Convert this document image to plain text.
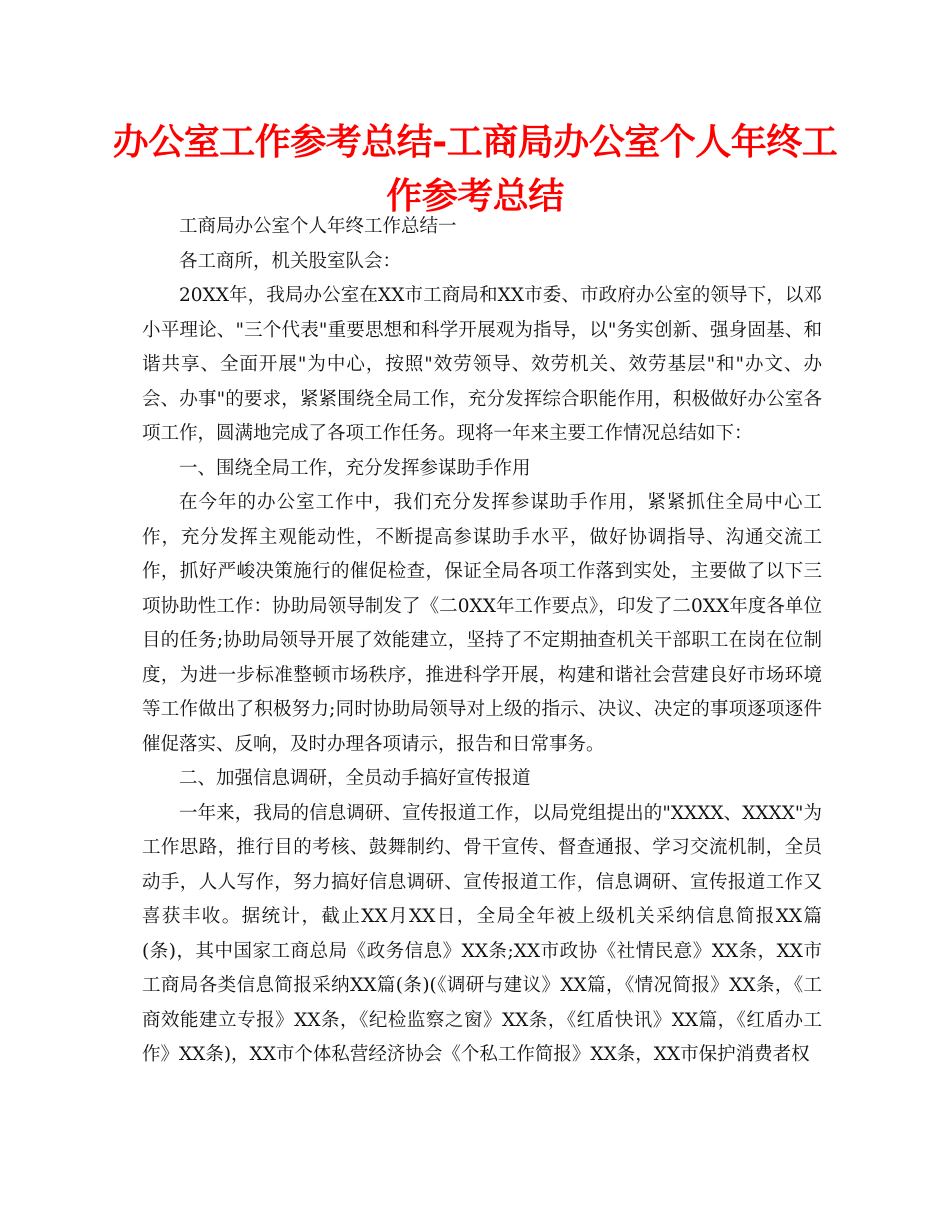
办公室工作参考总结-工商局办公室个人年终工作参考总结

工商局办公室个人年终工作总结一

各工商所，机关股室队会：

20XX年，我局办公室在XX市工商局和XX市委、市政府办公室的领导下，以邓小平理论、"三个代表"重要思想和科学开展观为指导，以"务实创新、强身固基、和谐共享、全面开展"为中心，按照"效劳领导、效劳机关、效劳基层"和"办文、办会、办事"的要求，紧紧围绕全局工作，充分发挥综合职能作用，积极做好办公室各项工作，圆满地完成了各项工作任务。现将一年来主要工作情况总结如下：

一、围绕全局工作，充分发挥参谋助手作用

在今年的办公室工作中，我们充分发挥参谋助手作用，紧紧抓住全局中心工作，充分发挥主观能动性，不断提高参谋助手水平，做好协调指导、沟通交流工作，抓好严峻决策施行的催促检查，保证全局各项工作落到实处，主要做了以下三项协助性工作：协助局领导制发了《二0XX年工作要点》，印发了二0XX年度各单位目的任务;协助局领导开展了效能建立，坚持了不定期抽查机关干部职工在岗在位制度，为进一步标准整顿市场秩序，推进科学开展，构建和谐社会营建良好市场环境等工作做出了积极努力;同时协助局领导对上级的指示、决议、决定的事项逐项逐件催促落实、反响，及时办理各项请示，报告和日常事务。

二、加强信息调研，全员动手搞好宣传报道

一年来，我局的信息调研、宣传报道工作，以局党组提出的"XXXX、XXXX"为工作思路，推行目的考核、鼓舞制约、骨干宣传、督查通报、学习交流机制，全员动手，人人写作，努力搞好信息调研、宣传报道工作，信息调研、宣传报道工作又喜获丰收。据统计，截止XX月XX日，全局全年被上级机关采纳信息简报XX篇(条)，其中国家工商总局《政务信息》XX条;XX市政协《社情民意》XX条，XX市工商局各类信息简报采纳XX篇(条)(《调研与建议》XX篇，《情况简报》XX条，《工商效能建立专报》XX条，《纪检监察之窗》XX条，《红盾快讯》XX篇，《红盾办工作》XX条)，XX市个体私营经济协会《个私工作简报》XX条，XX市保护消费者权
